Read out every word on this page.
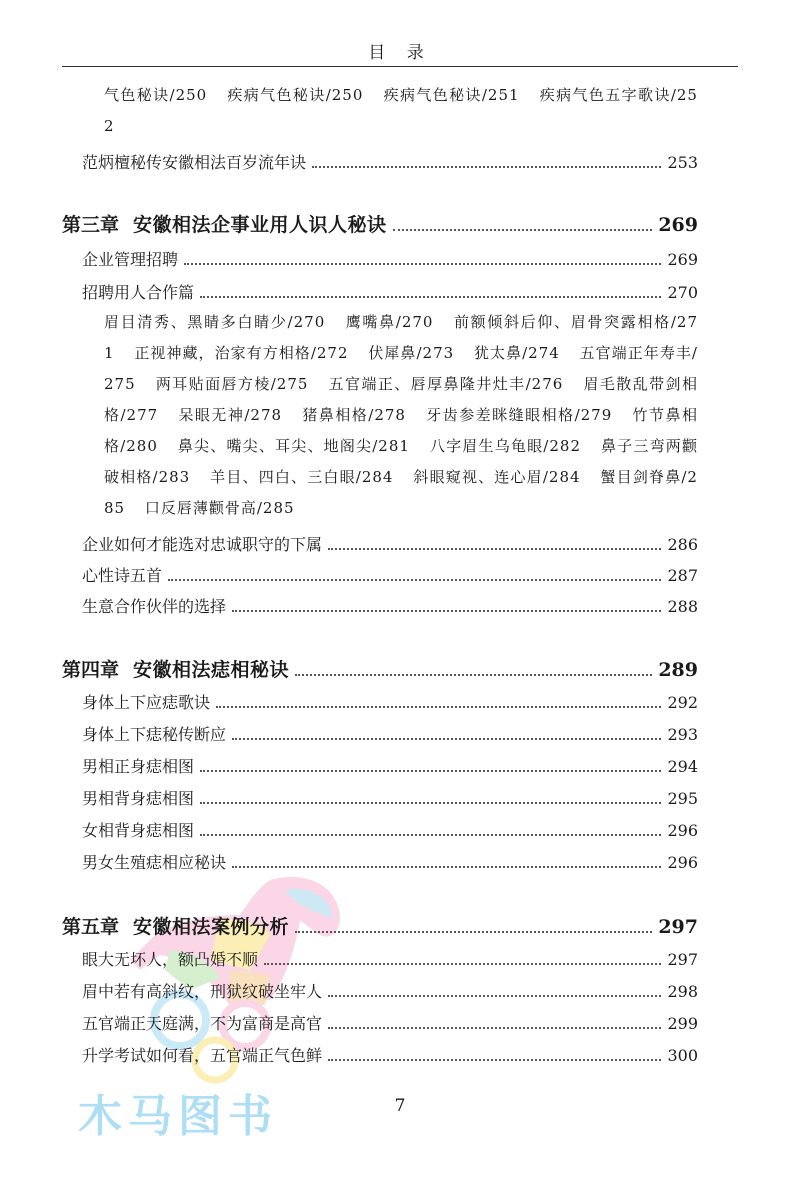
目 录
气色秘诀/250 疾病气色秘诀/250 疾病气色秘诀/251 疾病气色五字歌诀/252
范炳檀秘传安徽相法百岁流年诀	253
第三章 安徽相法企事业用人识人秘诀	269
企业管理招聘	269
招聘用人合作篇	270
眉目清秀、黑睛多白睛少/270 鹰嘴鼻/270 前额倾斜后仰、眉骨突露相格/271 正视神藏，治家有方相格/272 伏犀鼻/273 犹太鼻/274 五官端正年寿丰/275 两耳贴面唇方棱/275 五官端正、唇厚鼻隆井灶丰/276 眉毛散乱带剑相格/277 呆眼无神/278 猪鼻相格/278 牙齿参差眯缝眼相格/279 竹节鼻相格/280 鼻尖、嘴尖、耳尖、地阁尖/281 八字眉生乌龟眼/282 鼻子三弯两颧破相格/283 羊目、四白、三白眼/284 斜眼窥视、连心眉/284 蟹目剑脊鼻/285 口反唇薄颧骨高/285
企业如何才能选对忠诚职守的下属	286
心性诗五首	287
生意合作伙伴的选择	288
第四章 安徽相法痣相秘诀	289
身体上下应痣歌诀	292
身体上下痣秘传断应	293
男相正身痣相图	294
男相背身痣相图	295
女相背身痣相图	296
男女生殖痣相应秘诀	296
第五章 安徽相法案例分析	297
眼大无坏人，额凸婚不顺	297
眉中若有高斜纹，刑狱纹破坐牢人	298
五官端正天庭满，不为富商是高官	299
升学考试如何看，五官端正气色鲜	300
木马图书	7
